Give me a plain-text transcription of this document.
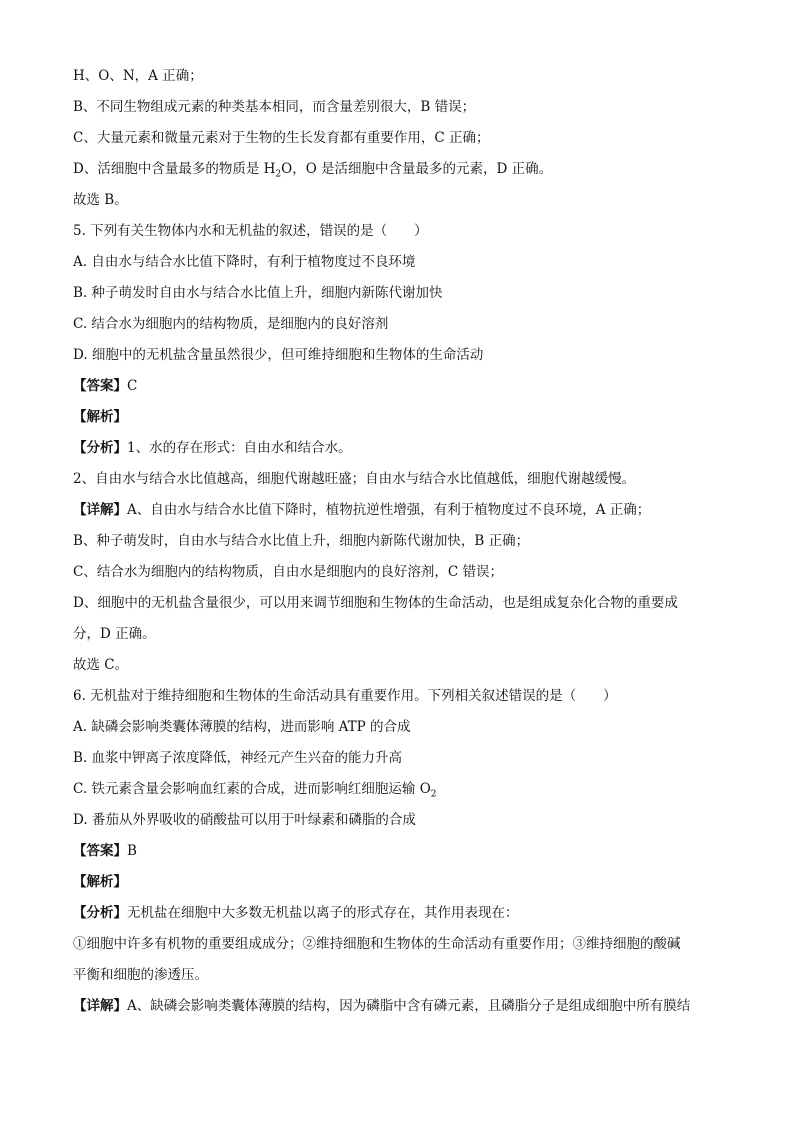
H、O、N，A 正确；
B、不同生物组成元素的种类基本相同，而含量差别很大，B 错误；
C、大量元素和微量元素对于生物的生长发育都有重要作用，C 正确；
D、活细胞中含量最多的物质是 $H_2O$，O 是活细胞中含量最多的元素，D 正确。
故选 B。
5. 下列有关生物体内水和无机盐的叙述，错误的是（　　）
A. 自由水与结合水比值下降时，有利于植物度过不良环境
B. 种子萌发时自由水与结合水比值上升，细胞内新陈代谢加快
C. 结合水为细胞内的结构物质，是细胞内的良好溶剂
D. 细胞中的无机盐含量虽然很少，但可维持细胞和生物体的生命活动
【 答案 】 C
【 解析 】
【 分析 】 1、水的存在形式：自由水和结合水。
2、自由水与结合水比值越高，细胞代谢越旺盛；自由水与结合水比值越低，细胞代谢越缓慢。
【 详解 】 A、自由水与结合水比值下降时，植物抗逆性增强，有利于植物度过不良环境，A 正确；
B、种子萌发时，自由水与结合水比值上升，细胞内新陈代谢加快，B 正确；
C、结合水为细胞内的结构物质，自由水是细胞内的良好溶剂，C 错误；
D、细胞中的无机盐含量很少，可以用来调节细胞和生物体的生命活动，也是组成复杂化合物的重要成
分，D 正确。
故选 C。
6. 无机盐对于维持细胞和生物体的生命活动具有重要作用。下列相关叙述错误的是（　　）
A. 缺磷会影响类囊体薄膜的结构，进而影响 ATP 的合成
B. 血浆中钾离子浓度降低，神经元产生兴奋的能力升高
C. 铁元素含量会影响血红素的合成，进而影响红细胞运输 $O_2$
D. 番茄从外界吸收的硝酸盐可以用于叶绿素和磷脂的合成
【 答案 】 B
【 解析 】
【 分析 】 无机盐在细胞中大多数无机盐以离子的形式存在，其作用表现在：
①细胞中许多有机物的重要组成成分；②维持细胞和生物体的生命活动有重要作用；③维持细胞的酸碱
平衡和细胞的渗透压。
【 详解 】 A、缺磷会影响类囊体薄膜的结构，因为磷脂中含有磷元素，且磷脂分子是组成细胞中所有膜结
